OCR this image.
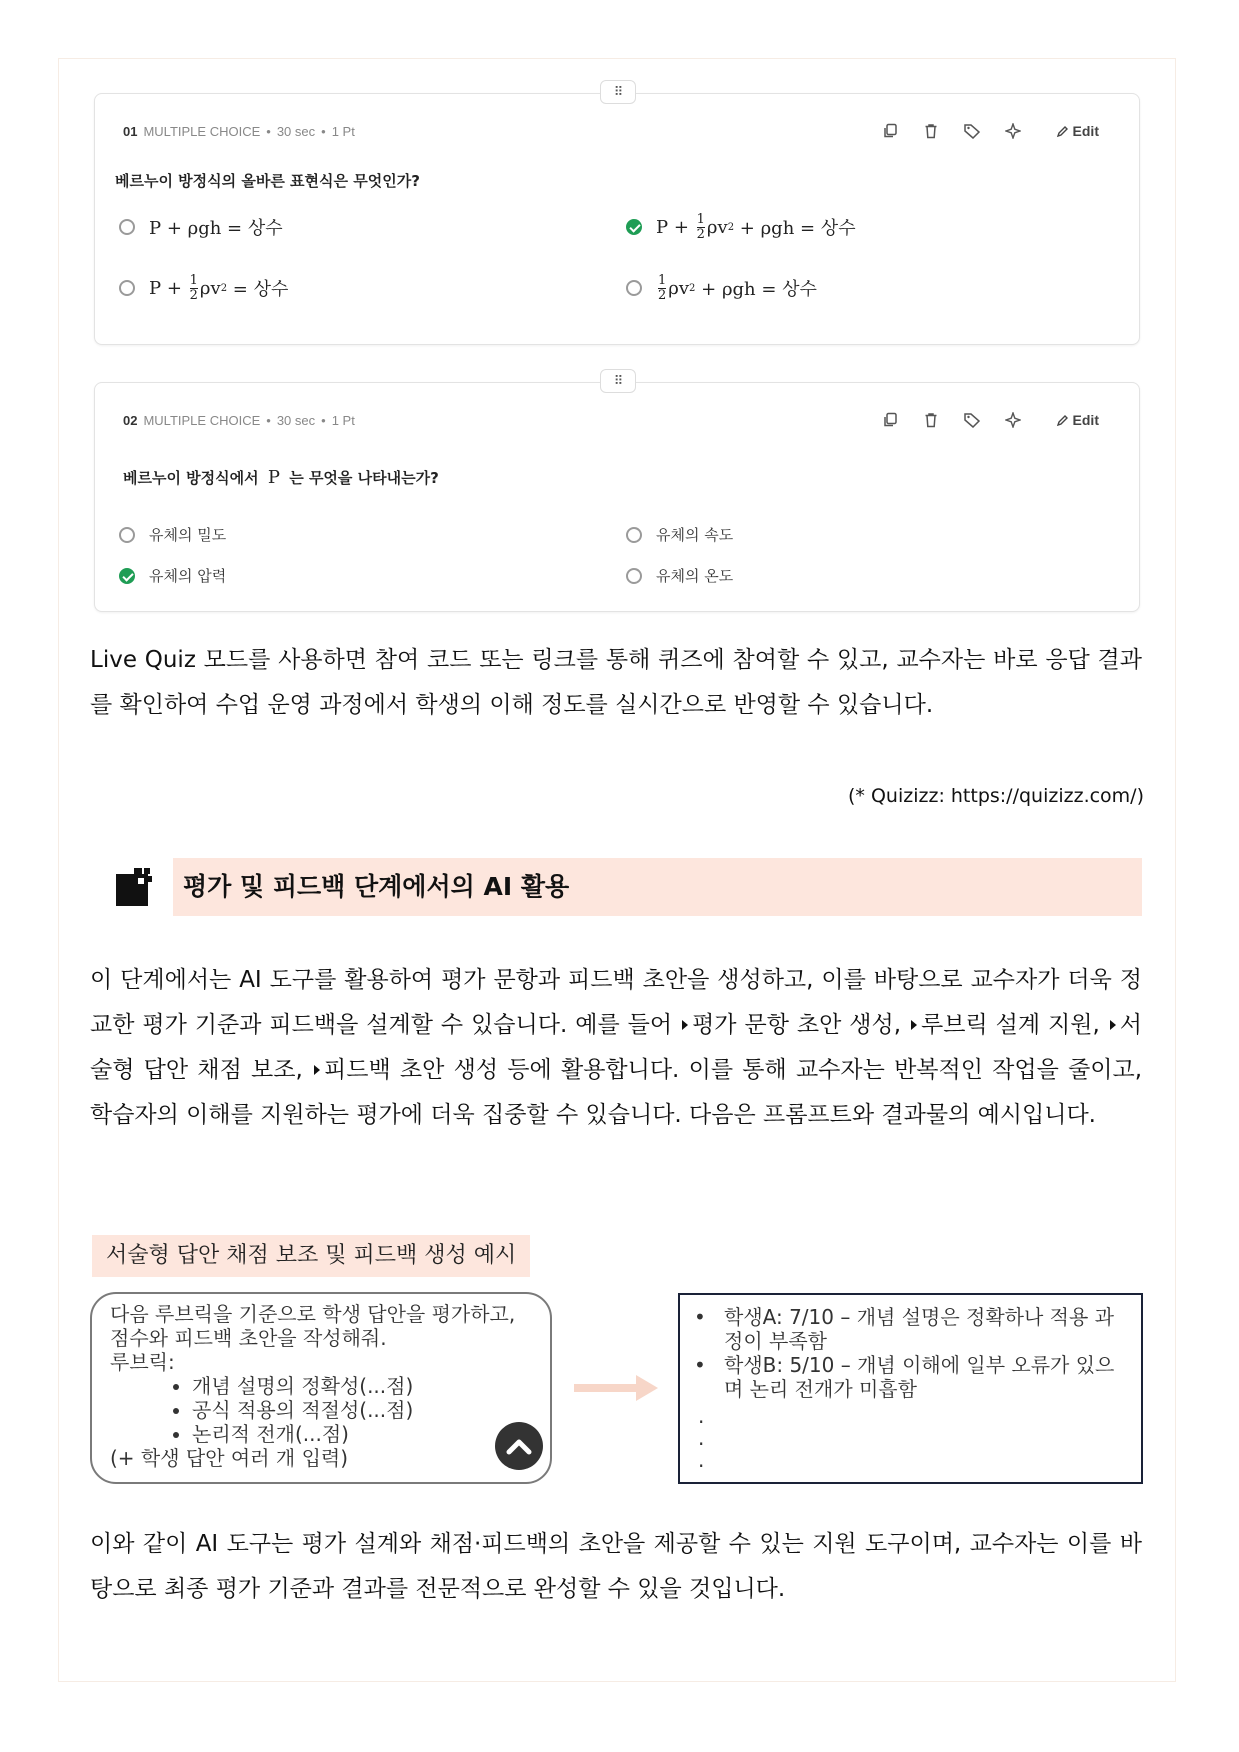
⠿
01 MULTIPLE CHOICE • 30 sec • 1 Pt	Edit
베르누이 방정식의 올바른 표현식은 무엇인가?
P + ρgh = 상수	$P + \frac{1}{2}$ ρv 2 + ρgh = 상수
$P + \frac{1}{2}$ ρv 2 = 상수	$\frac{1}{2}$ ρv 2 + ρgh = 상수
⠿
02 MULTIPLE CHOICE • 30 sec • 1 Pt	Edit
베르누이 방정식에서 P 는 무엇을 나타내는가?
유체의 밀도	유체의 속도
유체의 압력	유체의 온도
Live Quiz 모드를 사용하면 참여 코드 또는 링크를 통해 퀴즈에 참여할 수 있고, 교수자는 바로 응답 결과를 확인하여 수업 운영 과정에서 학생의 이해 정도를 실시간으로 반영할 수 있습니다.
(* Quizizz: https://quizizz.com/)
평가 및 피드백 단계에서의 AI 활용
이 단계에서는 AI 도구를 활용하여 평가 문항과 피드백 초안을 생성하고, 이를 바탕으로 교수자가 더욱 정교한 평가 기준과 피드백을 설계할 수 있습니다. 예를 들어 평가 문항 초안 생성, 루브릭 설계 지원, 서술형 답안 채점 보조, 피드백 초안 생성 등에 활용합니다. 이를 통해 교수자는 반복적인 작업을 줄이고, 학습자의 이해를 지원하는 평가에 더욱 집중할 수 있습니다. 다음은 프롬프트와 결과물의 예시입니다.
서술형 답안 채점 보조 및 피드백 생성 예시
다음 루브릭을 기준으로 학생 답안을 평가하고,
점수와 피드백 초안을 작성해줘.
루브릭:
• 개념 설명의 정확성(...점)
• 공식 적용의 적절성(...점)
• 논리적 전개(...점)
(+ 학생 답안 여러 개 입력)
• 학생A: 7/10 – 개념 설명은 정확하나 적용 과정이 부족함
• 학생B: 5/10 – 개념 이해에 일부 오류가 있으며 논리 전개가 미흡함
.
.
.
이와 같이 AI 도구는 평가 설계와 채점·피드백의 초안을 제공할 수 있는 지원 도구이며, 교수자는 이를 바탕으로 최종 평가 기준과 결과를 전문적으로 완성할 수 있을 것입니다.
